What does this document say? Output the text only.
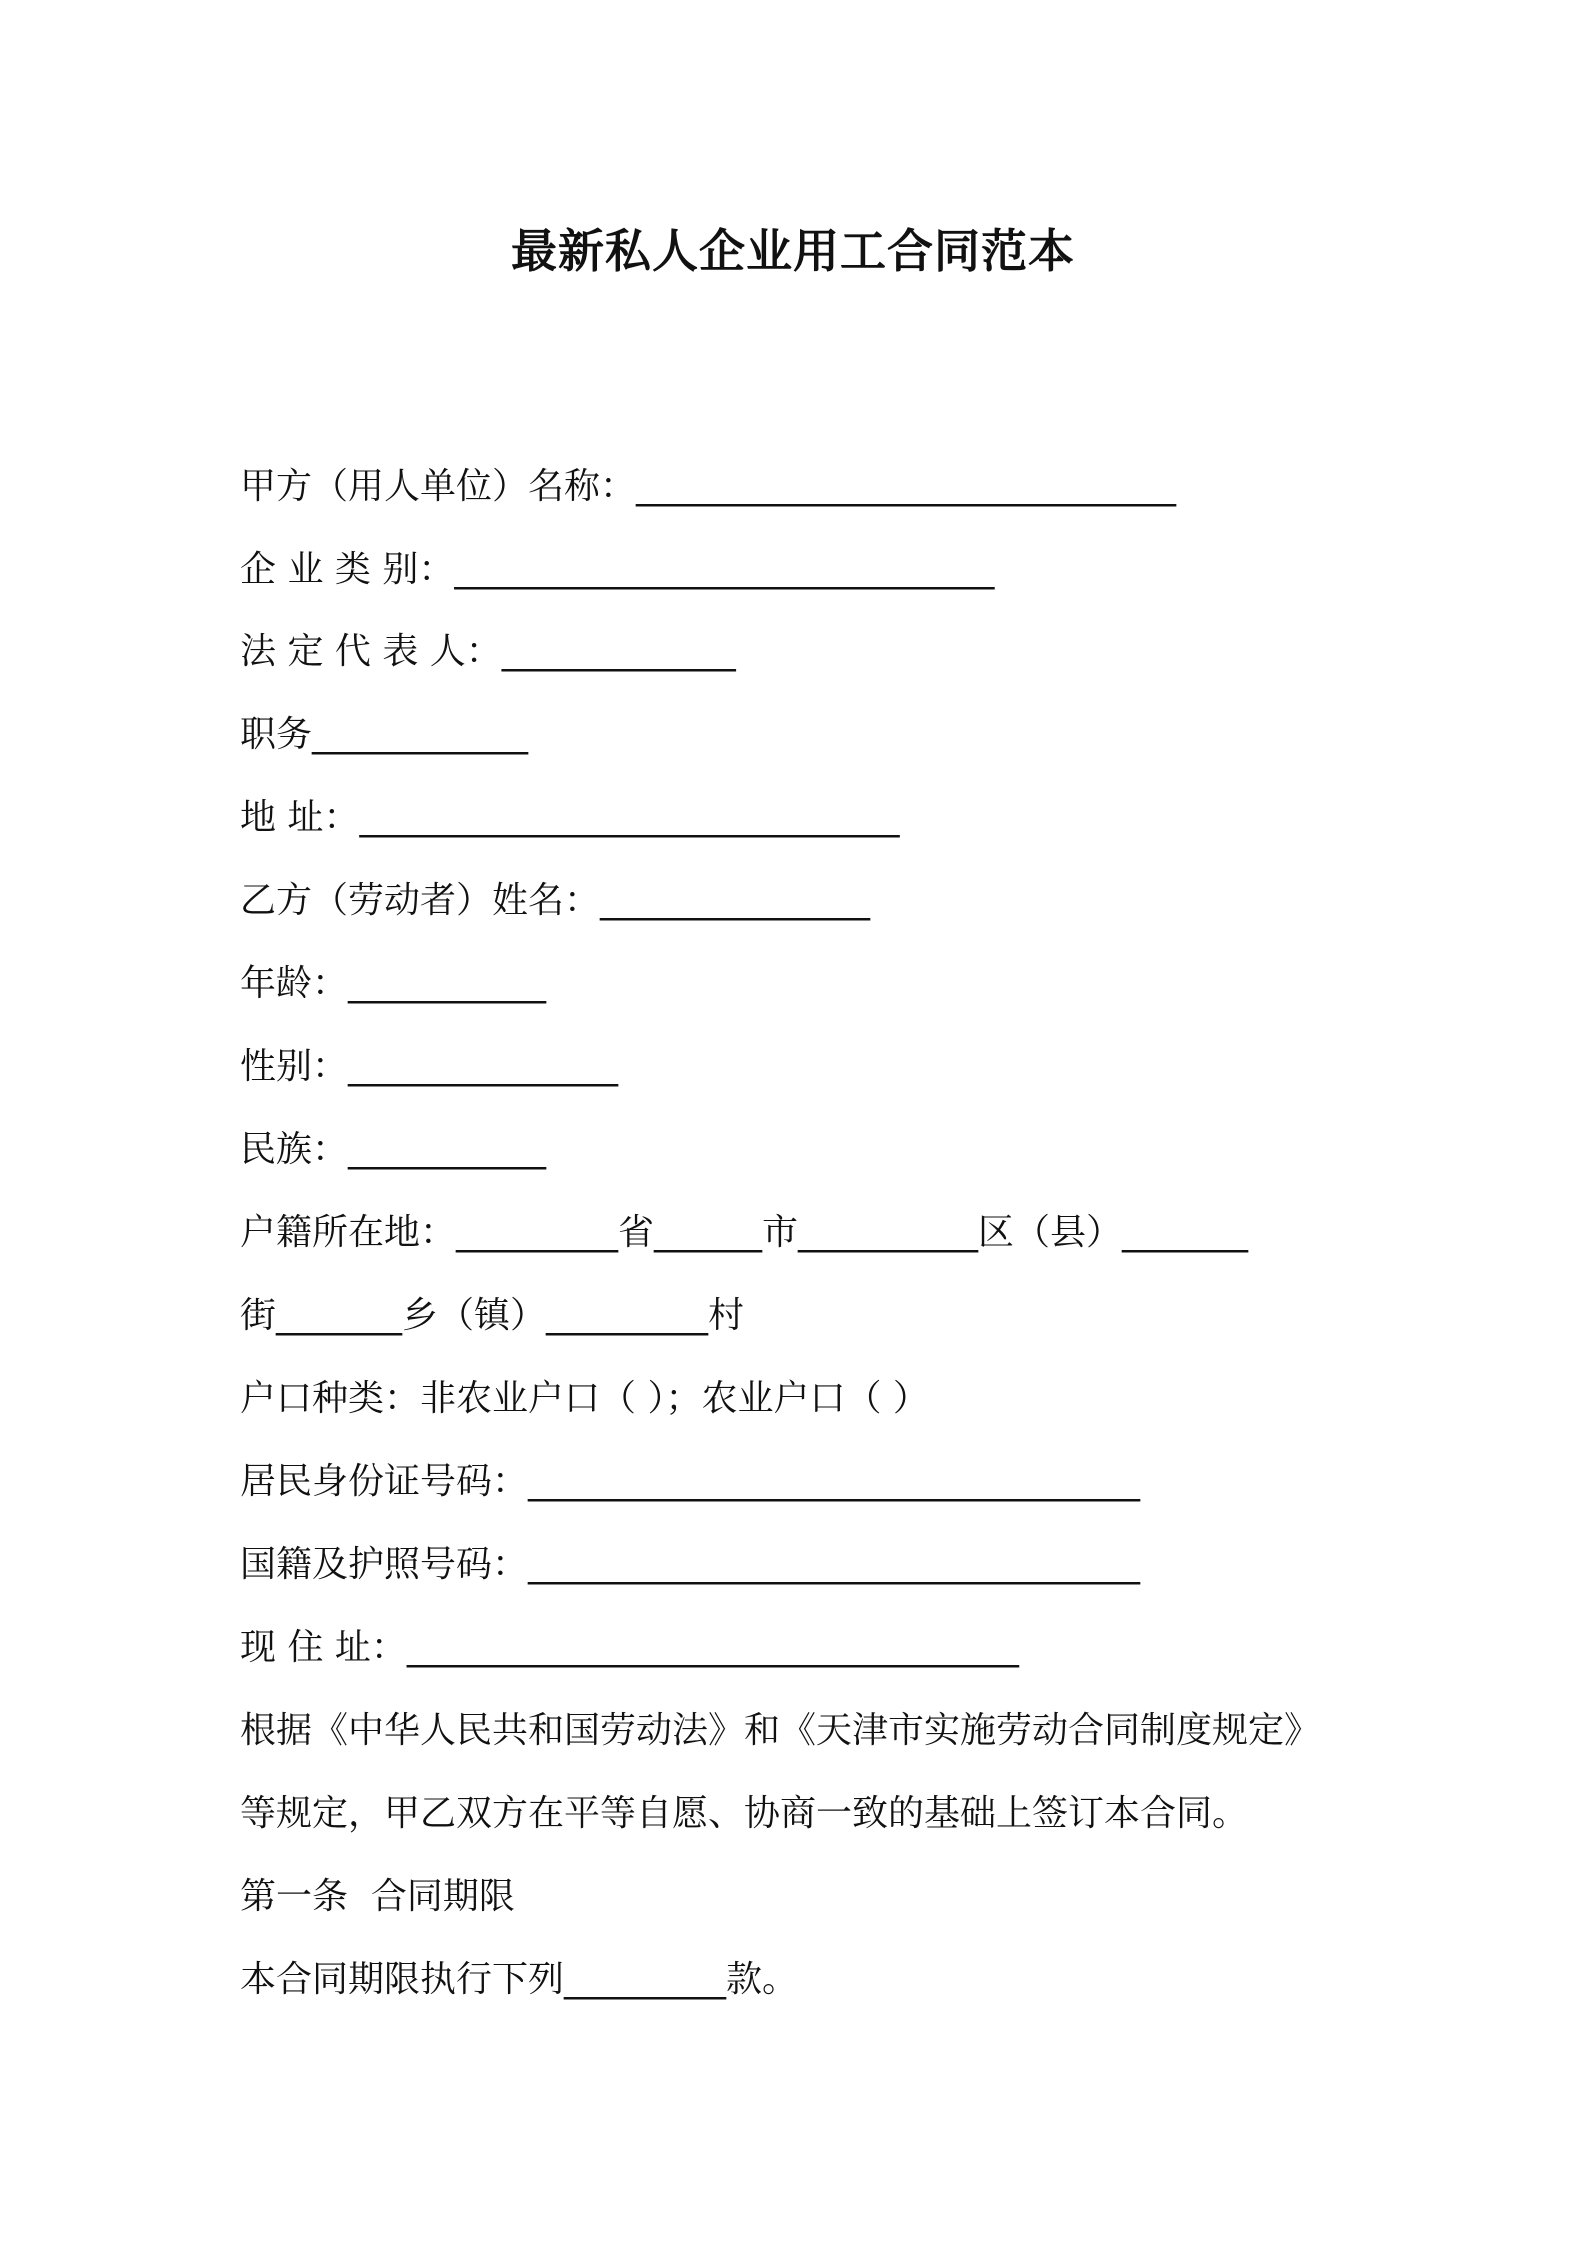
最新私人企业用工合同范本
甲方（用人单位）名称：______________________________
企 业 类 别：______________________________
法 定 代 表 人：_____________
职务____________
地 址：______________________________
乙方（劳动者）姓名：_______________
年龄：___________
性别：_______________
民族：___________
户籍所在地：_________省______市__________区（县）_______
街_______乡（镇）_________村
户口种类：非农业户口（ ）；农业户口（ ）
居民身份证号码：__________________________________
国籍及护照号码：__________________________________
现 住 址：__________________________________
根据《中华人民共和国劳动法》和《天津市实施劳动合同制度规定》
等规定，甲乙双方在平等自愿、协商一致的基础上签订本合同。
第一条  合同期限
本合同期限执行下列_________款。
